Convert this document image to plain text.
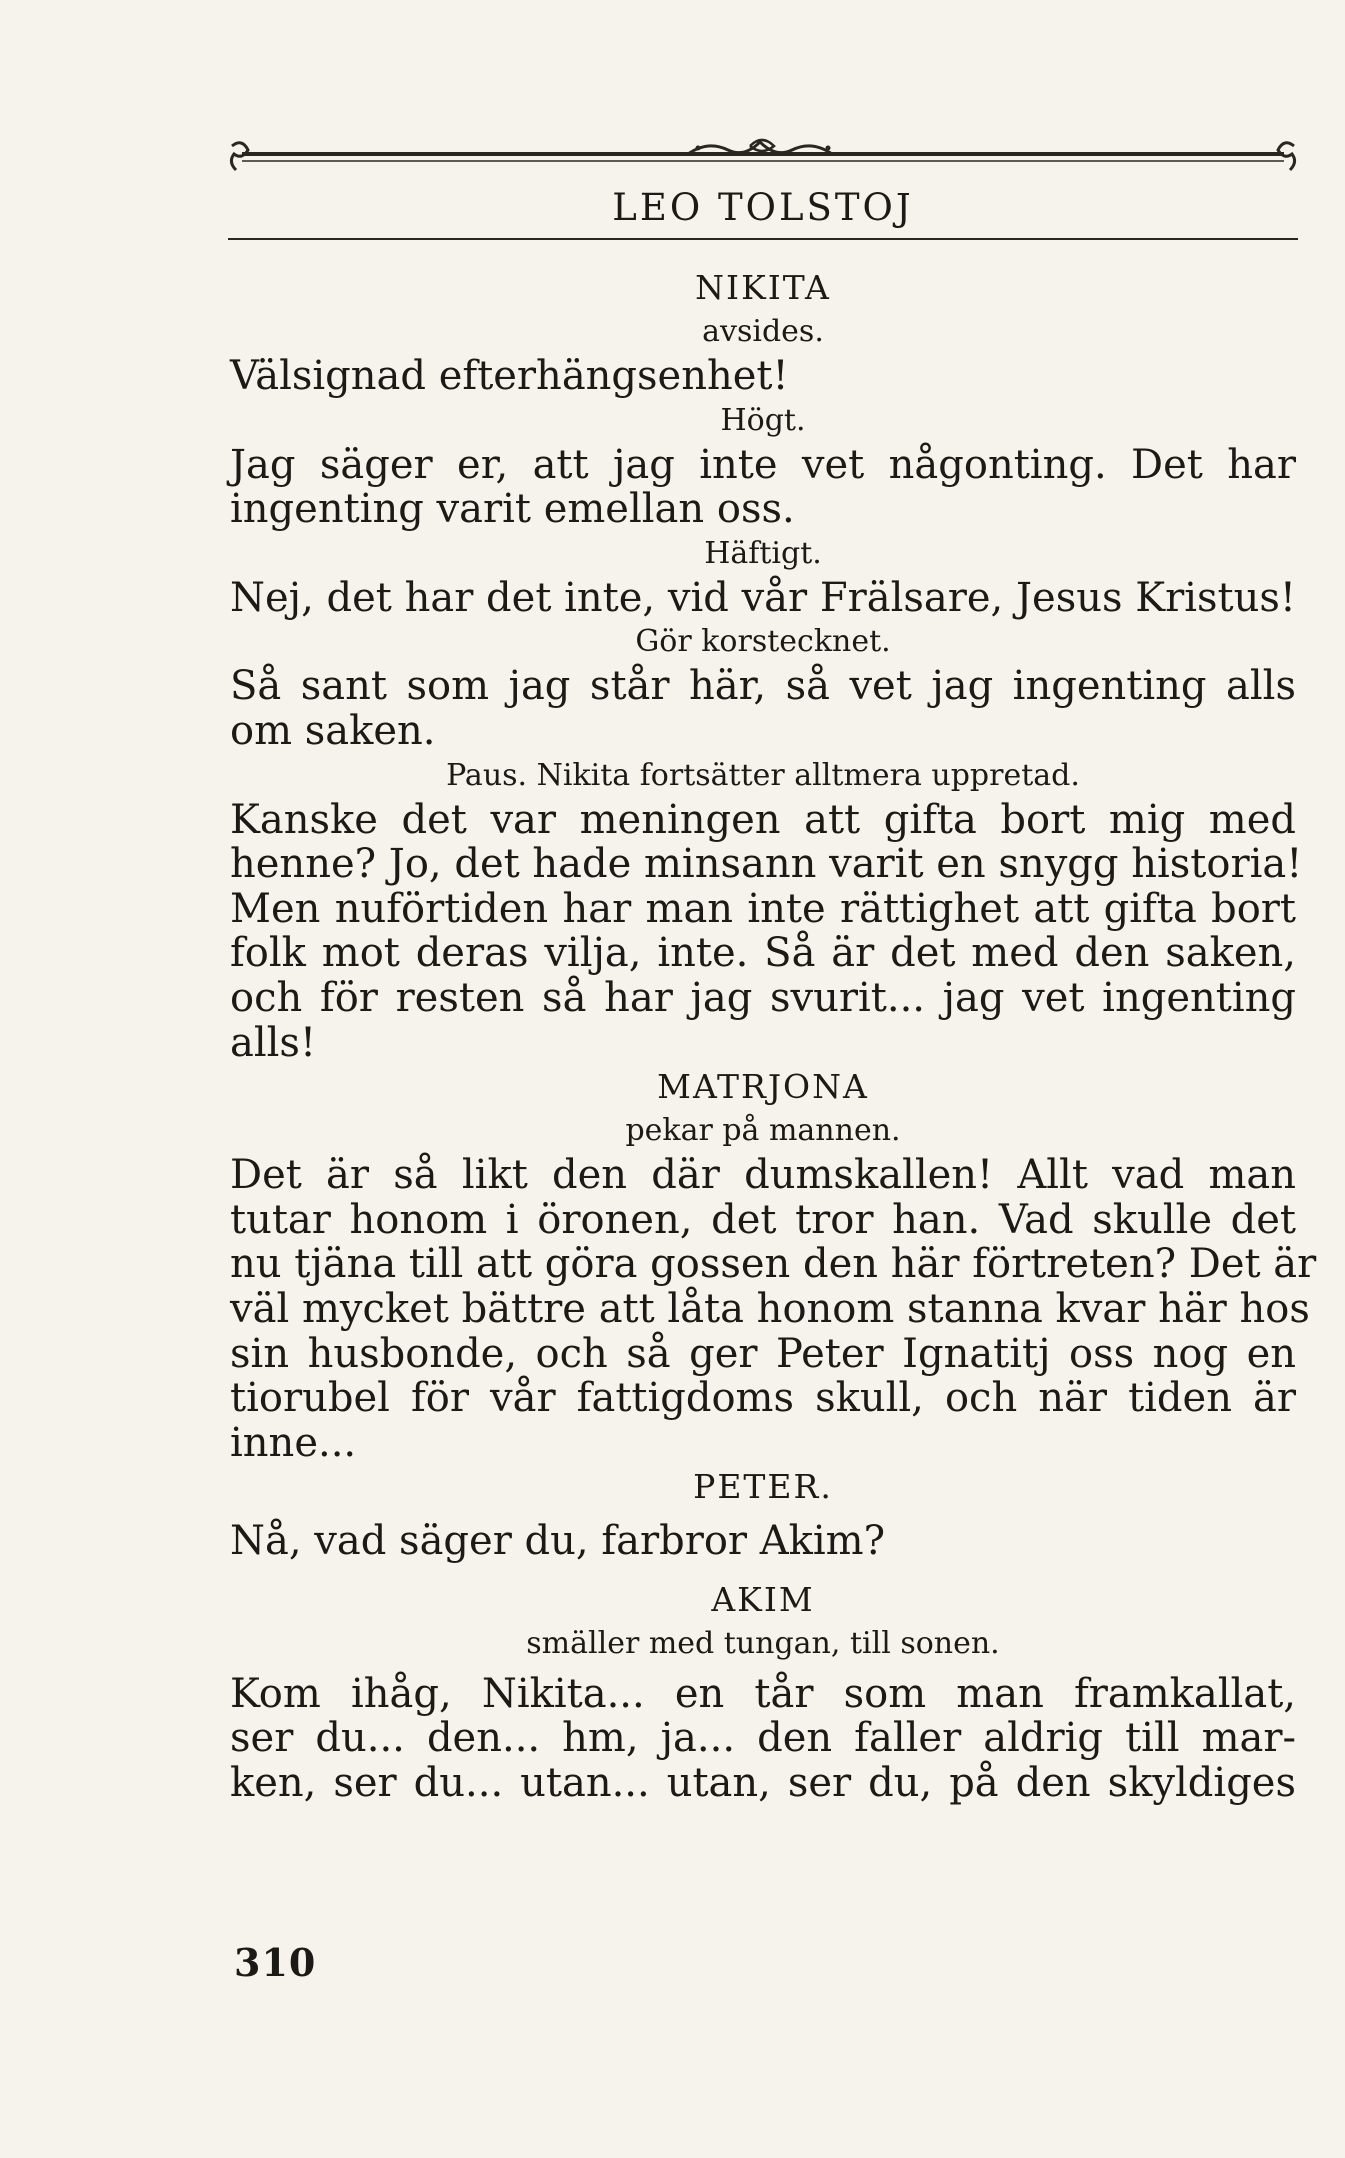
LEO TOLSTOJ

NIKITA

avsides.

Välsignad efterhängsenhet!

Högt.

Jag säger er, att jag inte vet någonting. Det har
ingenting varit emellan oss.

Häftigt.

Nej, det har det inte, vid vår Frälsare, Jesus Kristus!

Gör korstecknet.

Så sant som jag står här, så vet jag ingenting alls
om saken.

Paus. Nikita fortsätter alltmera uppretad.

Kanske det var meningen att gifta bort mig med
henne? Jo, det hade minsann varit en snygg historia!
Men nuförtiden har man inte rättighet att gifta bort
folk mot deras vilja, inte. Så är det med den saken,
och för resten så har jag svurit... jag vet ingenting
alls!

MATRJONA

pekar på mannen.

Det är så likt den där dumskallen! Allt vad man
tutar honom i öronen, det tror han. Vad skulle det
nu tjäna till att göra gossen den här förtreten? Det är
väl mycket bättre att låta honom stanna kvar här hos
sin husbonde, och så ger Peter Ignatitj oss nog en
tiorubel för vår fattigdoms skull, och när tiden är
inne...

PETER.

Nå, vad säger du, farbror Akim?

AKIM

smäller med tungan, till sonen.

Kom ihåg, Nikita... en tår som man framkallat,
ser du... den... hm, ja... den faller aldrig till mar-
ken, ser du... utan... utan, ser du, på den skyldiges

310
